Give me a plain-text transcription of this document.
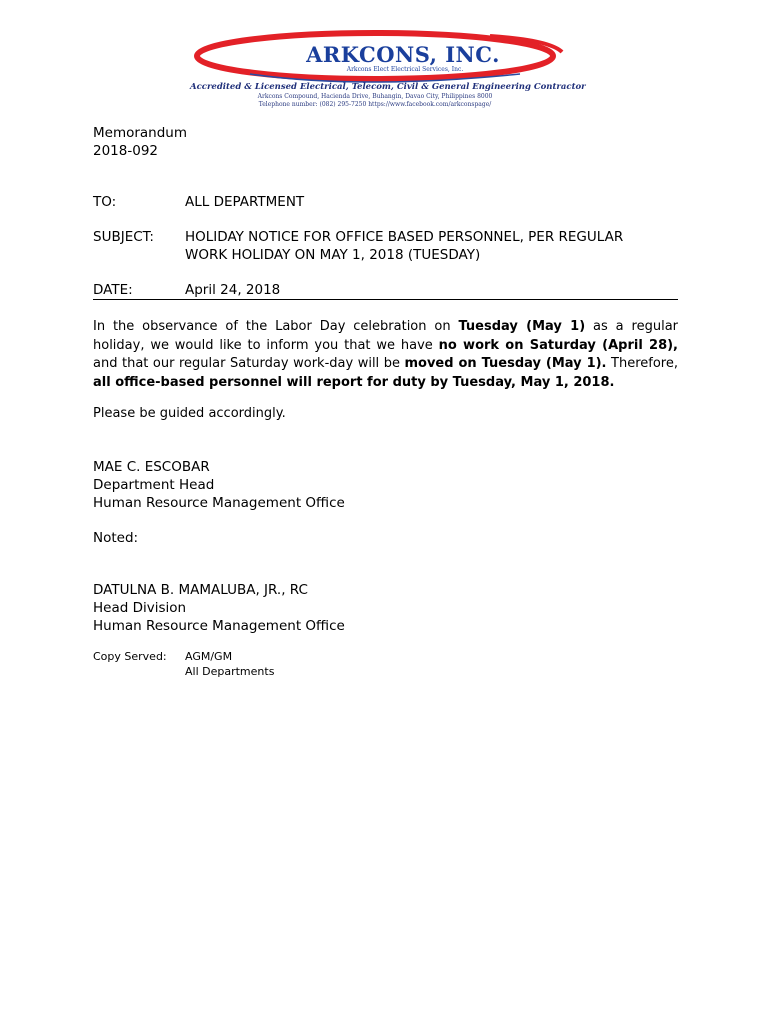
ARKCONS, INC.
Arkcons Elect Electrical Services, Inc.
Accredited & Licensed Electrical, Telecom, Civil & General Engineering Contractor
Arkcons Compound, Hacienda Drive, Buhangin, Davao City, Philippines 8000
Telephone number: (082) 295-7250 https://www.facebook.com/arkconspage/
Memorandum
2018-092
TO:	ALL DEPARTMENT
SUBJECT: HOLIDAY NOTICE FOR OFFICE BASED PERSONNEL, PER REGULAR
WORK HOLIDAY ON MAY 1, 2018 (TUESDAY)
DATE:	April 24, 2018
In the observance of the Labor Day celebration on Tuesday (May 1) as a regular holiday, we would like to inform you that we have no work on Saturday (April 28), and that our regular Saturday work-day will be moved on Tuesday (May 1). Therefore, all office-based personnel will report for duty by Tuesday, May 1, 2018.
Please be guided accordingly.
MAE C. ESCOBAR
Department Head
Human Resource Management Office
Noted:
DATULNA B. MAMALUBA, JR., RC
Head Division
Human Resource Management Office
Copy Served: AGM/GM
All Departments
